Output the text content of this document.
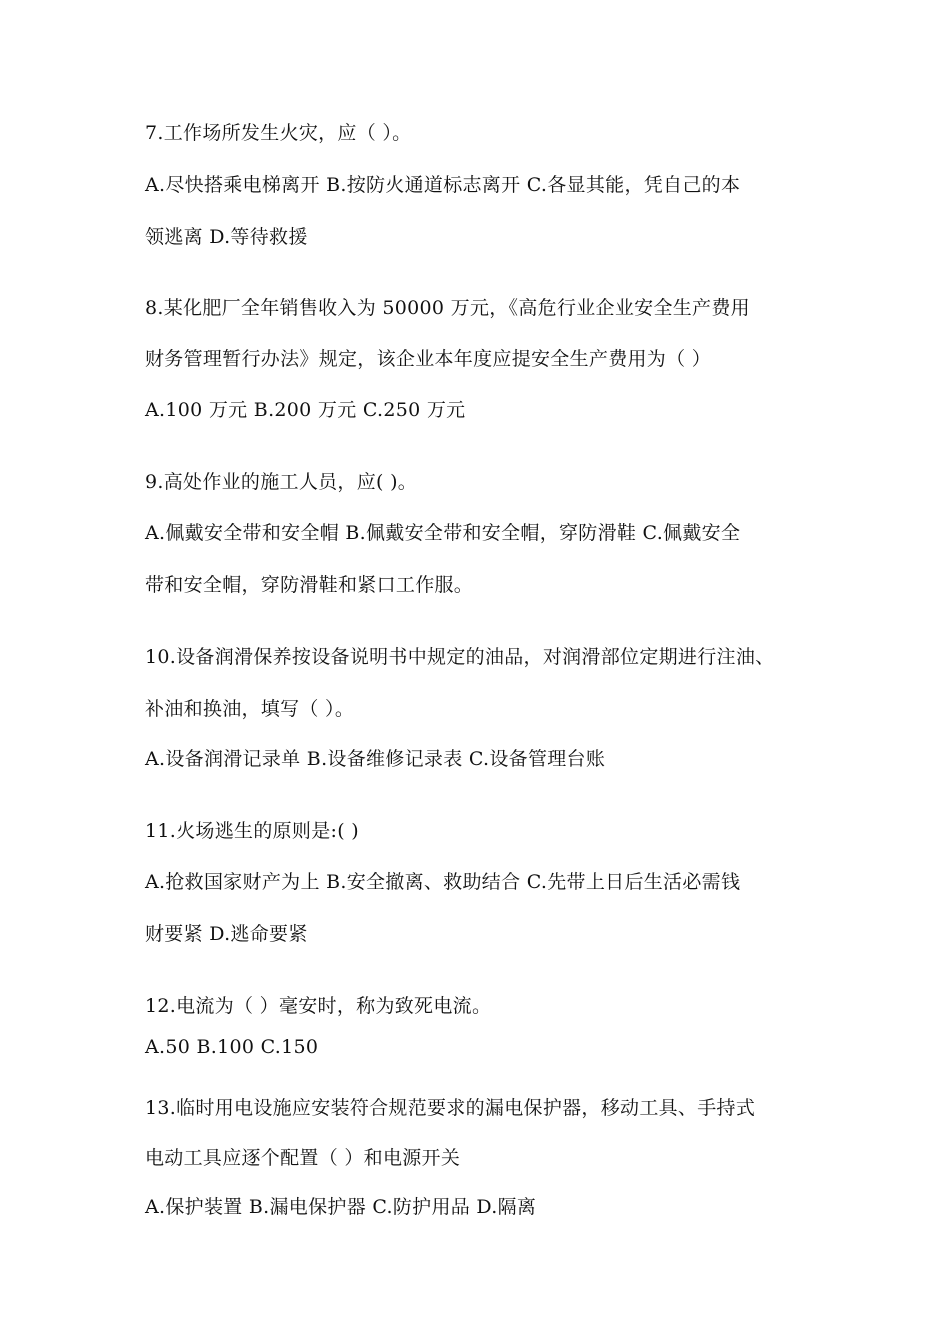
7.工作场所发生火灾，应（ ）。
A.尽快搭乘电梯离开 B.按防火通道标志离开 C.各显其能，凭自己的本
领逃离 D.等待救援
8.某化肥厂全年销售收入为 50000 万元，《高危行业企业安全生产费用
财务管理暂行办法》规定，该企业本年度应提安全生产费用为（ ）
A.100 万元 B.200 万元 C.250 万元
9.高处作业的施工人员，应( )。
A.佩戴安全带和安全帽 B.佩戴安全带和安全帽，穿防滑鞋 C.佩戴安全
带和安全帽，穿防滑鞋和紧口工作服。
10.设备润滑保养按设备说明书中规定的油品，对润滑部位定期进行注油、
补油和换油，填写（ ）。
A.设备润滑记录单 B.设备维修记录表 C.设备管理台账
11.火场逃生的原则是:( )
A.抢救国家财产为上 B.安全撤离、救助结合 C.先带上日后生活必需钱
财要紧 D.逃命要紧
12.电流为（ ）毫安时，称为致死电流。
A.50 B.100 C.150
13.临时用电设施应安装符合规范要求的漏电保护器，移动工具、手持式
电动工具应逐个配置（ ）和电源开关
A.保护装置 B.漏电保护器 C.防护用品 D.隔离
